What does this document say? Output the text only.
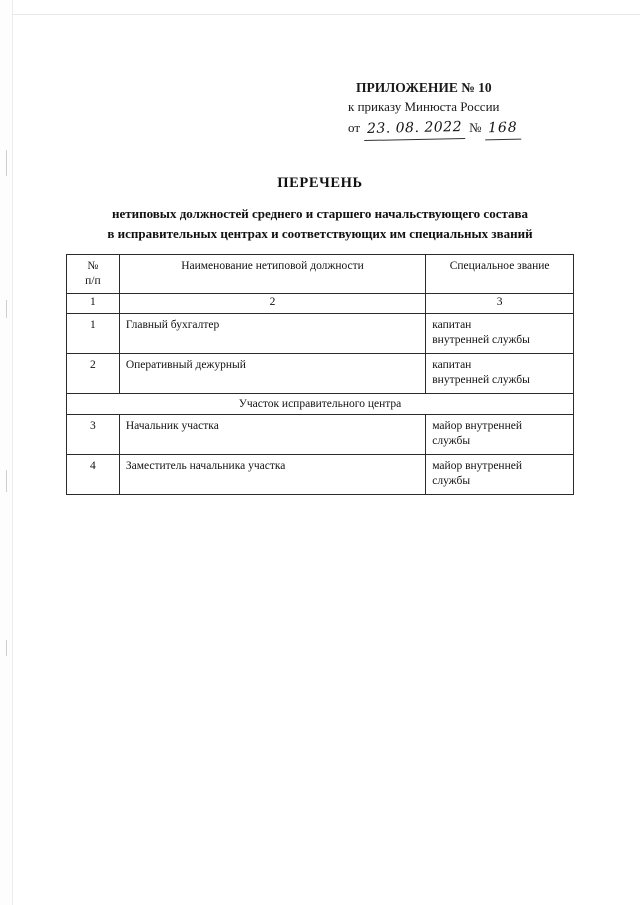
ПРИЛОЖЕНИЕ № 10
к приказу Минюста России
от 23. 08. 2022 № 168
ПЕРЕЧЕНЬ
нетиповых должностей среднего и старшего начальствующего состава
в исправительных центрах и соответствующих им специальных званий
№
п/п	Наименование нетиповой должности	Специальное звание
1	2	3
1	Главный бухгалтер	капитан
внутренней службы

2	Оперативный дежурный	капитан
внутренней службы

Участок исправительного центра		
3	Начальник участка	майор внутренней
службы

4	Заместитель начальника участка	майор внутренней
службы
